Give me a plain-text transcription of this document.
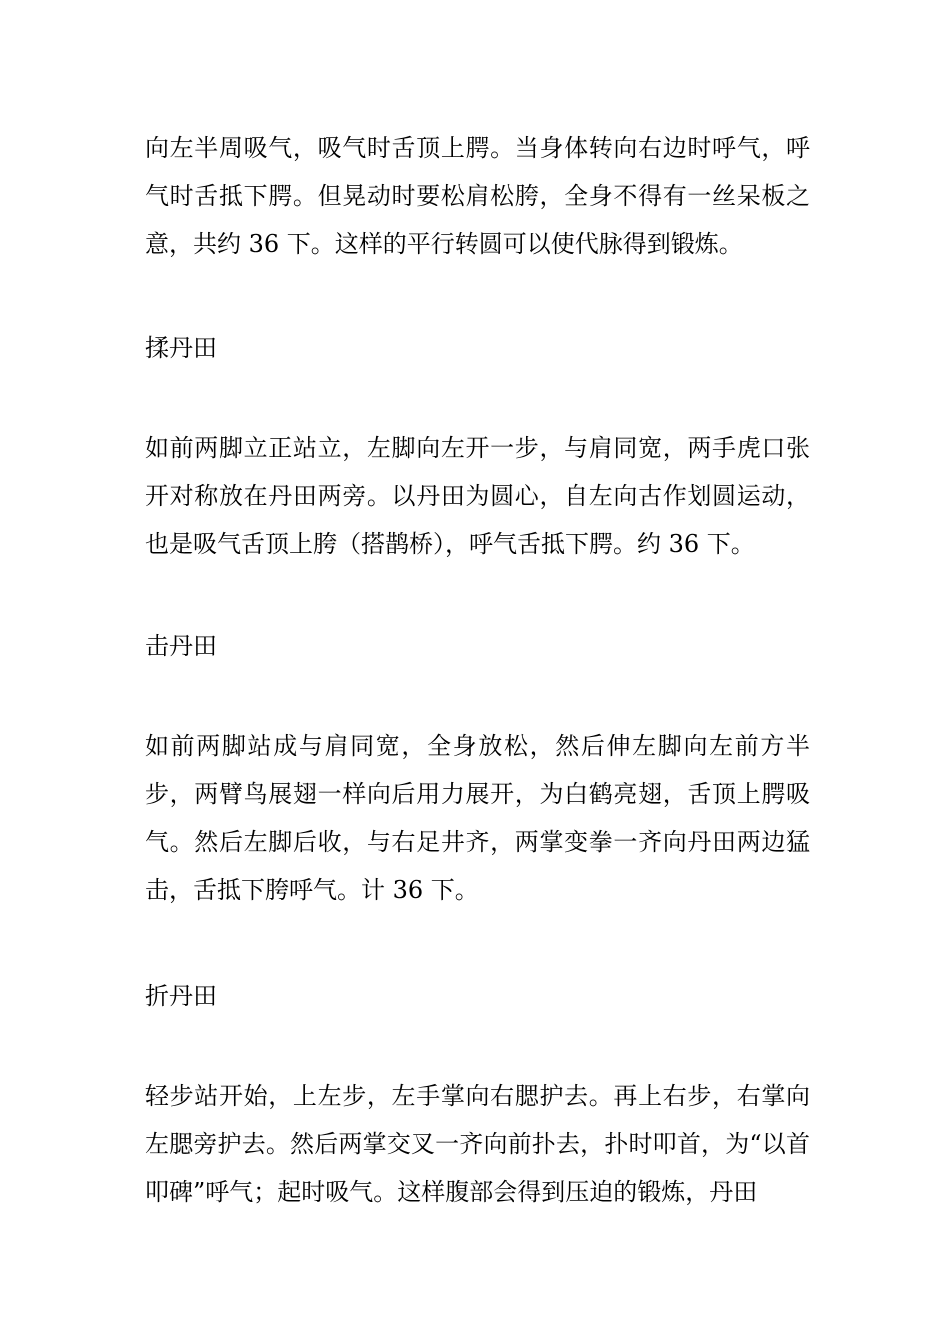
向左半周吸气，吸气时舌顶上腭。当身体转向右边时呼气，呼气时舌抵下腭。但晃动时要松肩松胯，全身不得有一丝呆板之意，共约 36 下。这样的平行转圆可以使代脉得到锻炼。

揉丹田

如前两脚立正站立，左脚向左开一步，与肩同宽，两手虎口张开对称放在丹田两旁。以丹田为圆心，自左向古作划圆运动，也是吸气舌顶上胯（搭鹊桥），呼气舌抵下腭。约 36 下。

击丹田

如前两脚站成与肩同宽，全身放松，然后伸左脚向左前方半步，两臂鸟展翅一样向后用力展开，为白鹤亮翅，舌顶上腭吸气。然后左脚后收，与右足井齐，两掌变拳一齐向丹田两边猛击，舌抵下胯呼气。计 36 下。

折丹田

轻步站开始，上左步，左手掌向右腮护去。再上右步，右掌向左腮旁护去。然后两掌交叉一齐向前扑去，扑时叩首，为“以首叩碑”呼气；起时吸气。这样腹部会得到压迫的锻炼，丹田
